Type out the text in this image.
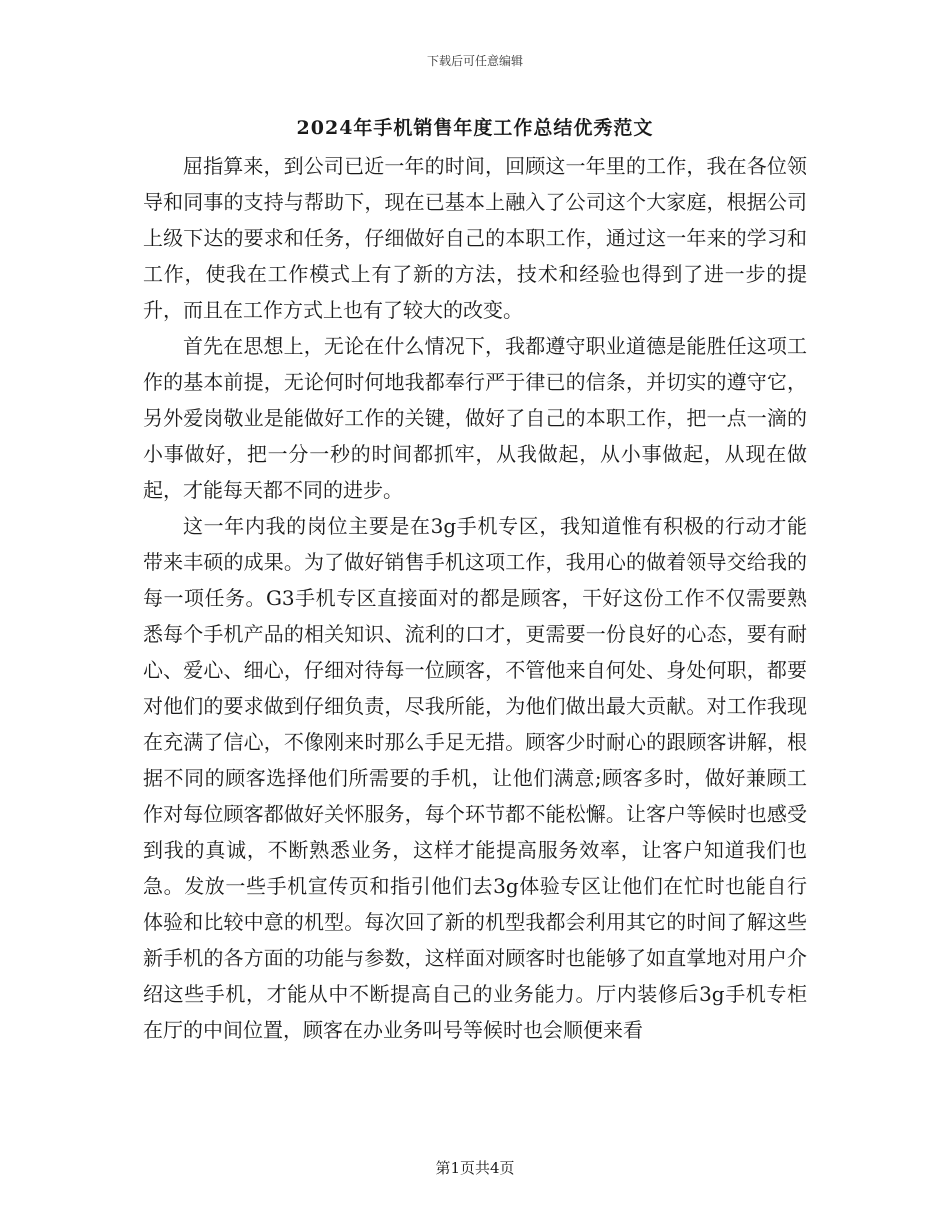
下载后可任意编辑
2024年手机销售年度工作总结优秀范文

屈指算来，到公司已近一年的时间，回顾这一年里的工作，我在各位领导和同事的支持与帮助下，现在已基本上融入了公司这个大家庭，根据公司上级下达的要求和任务，仔细做好自己的本职工作，通过这一年来的学习和工作，使我在工作模式上有了新的方法，技术和经验也得到了进一步的提升，而且在工作方式上也有了较大的改变。

首先在思想上，无论在什么情况下，我都遵守职业道德是能胜任这项工作的基本前提，无论何时何地我都奉行严于律已的信条，并切实的遵守它，另外爱岗敬业是能做好工作的关键，做好了自己的本职工作，把一点一滴的小事做好，把一分一秒的时间都抓牢，从我做起，从小事做起，从现在做起，才能每天都不同的进步。

这一年内我的岗位主要是在3g手机专区，我知道惟有积极的行动才能带来丰硕的成果。为了做好销售手机这项工作，我用心的做着领导交给我的每一项任务。G3手机专区直接面对的都是顾客，干好这份工作不仅需要熟悉每个手机产品的相关知识、流利的口才，更需要一份良好的心态，要有耐心、爱心、细心，仔细对待每一位顾客，不管他来自何处、身处何职，都要对他们的要求做到仔细负责，尽我所能，为他们做出最大贡献。对工作我现在充满了信心，不像刚来时那么手足无措。顾客少时耐心的跟顾客讲解，根据不同的顾客选择他们所需要的手机，让他们满意;顾客多时，做好兼顾工作对每位顾客都做好关怀服务，每个环节都不能松懈。让客户等候时也感受到我的真诚，不断熟悉业务，这样才能提高服务效率，让客户知道我们也急。发放一些手机宣传页和指引他们去3g体验专区让他们在忙时也能自行体验和比较中意的机型。每次回了新的机型我都会利用其它的时间了解这些新手机的各方面的功能与参数，这样面对顾客时也能够了如直掌地对用户介绍这些手机，才能从中不断提高自己的业务能力。厅内装修后3g手机专柜在厅的中间位置，顾客在办业务叫号等候时也会顺便来看

第1页共4页
